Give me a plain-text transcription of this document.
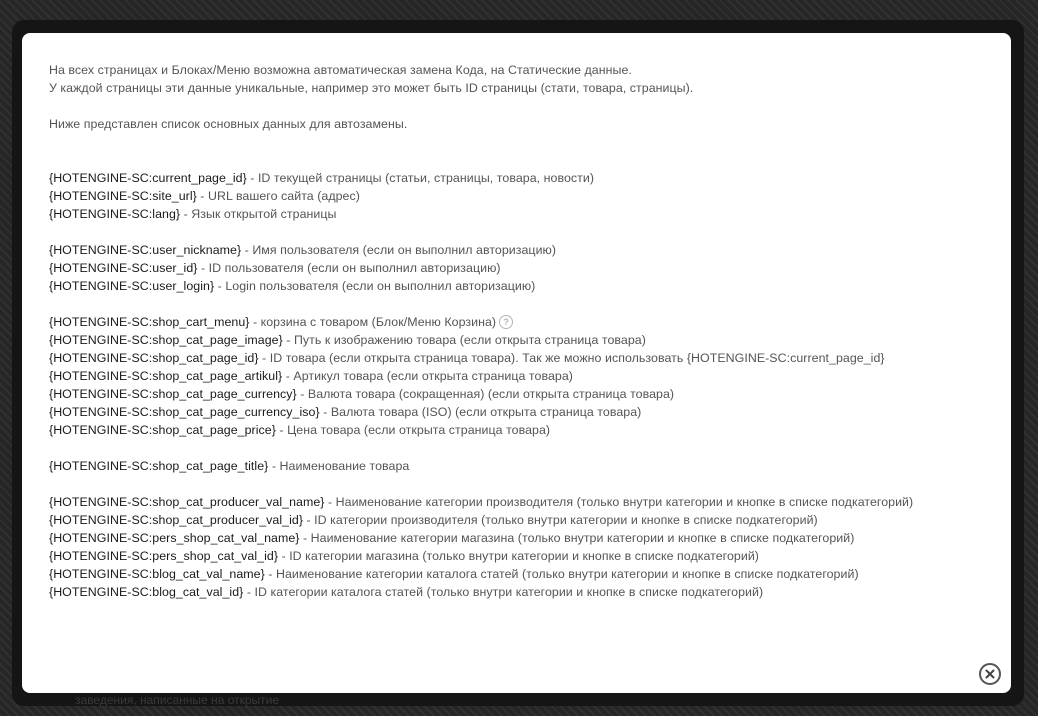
заведения, написанные на открытие
На всех страницах и Блоках/Меню возможна автоматическая замена Кода, на Статические данные.
У каждой страницы эти данные уникальные, например это может быть ID страницы (стати, товара, страницы).
Ниже представлен список основных данных для автозамены.
{HOTENGINE-SC:current_page_id} - ID текущей страницы (статьи, страницы, товара, новости)
{HOTENGINE-SC:site_url} - URL вашего сайта (адрес)
{HOTENGINE-SC:lang} - Язык открытой страницы
{HOTENGINE-SC:user_nickname} - Имя пользователя (если он выполнил авторизацию)
{HOTENGINE-SC:user_id} - ID пользователя (если он выполнил авторизацию)
{HOTENGINE-SC:user_login} - Login пользователя (если он выполнил авторизацию)
{HOTENGINE-SC:shop_cart_menu} - корзина с товаром (Блок/Меню Корзина) ?
{HOTENGINE-SC:shop_cat_page_image} - Путь к изображению товара (если открыта страница товара)
{HOTENGINE-SC:shop_cat_page_id} - ID товара (если открыта страница товара). Так же можно использовать {HOTENGINE-SC:current_page_id}
{HOTENGINE-SC:shop_cat_page_artikul} - Артикул товара (если открыта страница товара)
{HOTENGINE-SC:shop_cat_page_currency} - Валюта товара (сокращенная) (если открыта страница товара)
{HOTENGINE-SC:shop_cat_page_currency_iso} - Валюта товара (ISO) (если открыта страница товара)
{HOTENGINE-SC:shop_cat_page_price} - Цена товара (если открыта страница товара)
{HOTENGINE-SC:shop_cat_page_title} - Наименование товара
{HOTENGINE-SC:shop_cat_producer_val_name} - Наименование категории производителя (только внутри категории и кнопке в списке подкатегорий)
{HOTENGINE-SC:shop_cat_producer_val_id} - ID категории производителя (только внутри категории и кнопке в списке подкатегорий)
{HOTENGINE-SC:pers_shop_cat_val_name} - Наименование категории магазина (только внутри категории и кнопке в списке подкатегорий)
{HOTENGINE-SC:pers_shop_cat_val_id} - ID категории магазина (только внутри категории и кнопке в списке подкатегорий)
{HOTENGINE-SC:blog_cat_val_name} - Наименование категории каталога статей (только внутри категории и кнопке в списке подкатегорий)
{HOTENGINE-SC:blog_cat_val_id} - ID категории каталога статей (только внутри категории и кнопке в списке подкатегорий)
